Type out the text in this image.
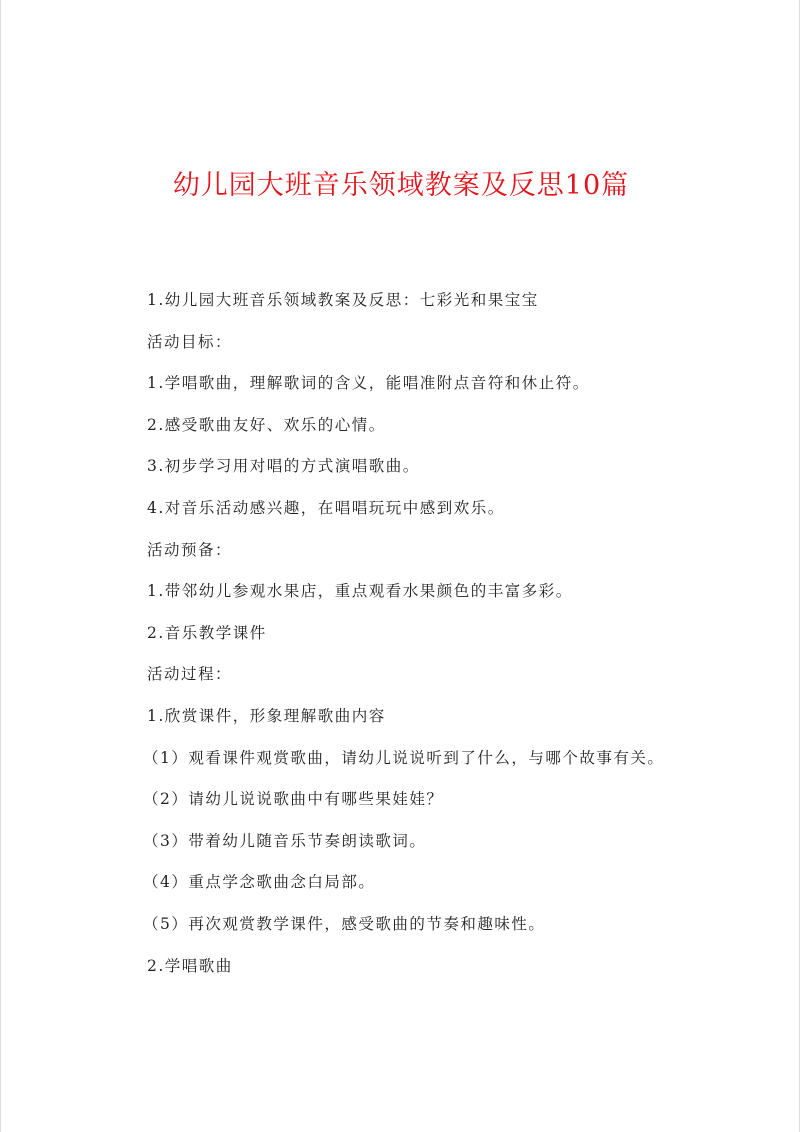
幼儿园大班音乐领域教案及反思10篇
1.幼儿园大班音乐领域教案及反思：七彩光和果宝宝
活动目标：
1.学唱歌曲，理解歌词的含义，能唱准附点音符和休止符。
2.感受歌曲友好、欢乐的心情。
3.初步学习用对唱的方式演唱歌曲。
4.对音乐活动感兴趣，在唱唱玩玩中感到欢乐。
活动预备：
1.带邻幼儿参观水果店，重点观看水果颜色的丰富多彩。
2.音乐教学课件
活动过程：
1.欣赏课件，形象理解歌曲内容
（1）观看课件观赏歌曲，请幼儿说说听到了什么，与哪个故事有关。
（2）请幼儿说说歌曲中有哪些果娃娃？
（3）带着幼儿随音乐节奏朗读歌词。
（4）重点学念歌曲念白局部。
（5）再次观赏教学课件，感受歌曲的节奏和趣味性。
2.学唱歌曲
